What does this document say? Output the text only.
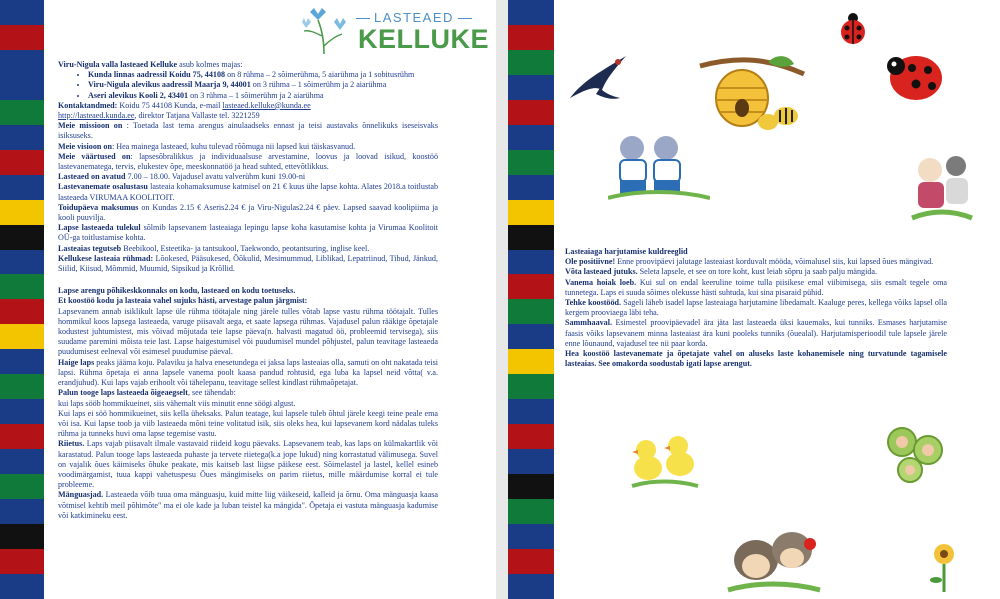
LASTEAED
KELLUKE

Viru-Nigula valla lasteaed Kelluke asub kolmes majas:

• Kunda linnas aadressil Koidu 75, 44108 on 8 rühma – 2 sõimerühma, 5 aiarühma ja 1 sobitusrühm
• Viru-Nigula alevikus aadressil Maarja 9, 44001 on 3 rühma – 1 sõimerühm ja 2 aiarühma
• Aseri alevikus Kooli 2, 43401 on 3 rühma – 1 sõimerühm ja 2 aiarühma

Kontaktandmed: Koidu 75 44108 Kunda, e-mail lasteaed.kelluke@kunda.ee

http://lasteaed.kunda.ee, direktor Tatjana Vallaste tel. 3221259

Meie missioon on : Toetada last tema arengus ainulaadseks ennast ja teisi austavaks õnnelikuks iseseisvaks isiksuseks.

Meie visioon on: Hea mainega lasteaed, kuhu tulevad rõõmuga nii lapsed kui täiskasvanud.

Meie väärtused on: lapsesõbralikkus ja individuaalsuse arvestamine, loovus ja loovad isikud, koostöö lastevanematega, tervis, elukestev õpe, meeskonnatöö ja head suhted, ettevõtlikkus.

Lasteaed on avatud 7.00 – 18.00. Vajadusel avatu valverühm kuni 19.00-ni

Lastevanemate osalustasu lasteaia kohamaksumuse katmisel on 21 € kuus ühe lapse kohta. Alates 2018.a toitlustab lasteaeda VIRUMAA KOOLITOIT.

Toidupäeva maksumus on Kundas 2.15 € Aseris2.24 € ja Viru-Nigulas2.24 € päev. Lapsed saavad koolipiima ja kooli puuvilja.

Lapse lasteaeda tulekul sõlmib lapsevanem lasteaiaga lepingu lapse koha kasutamise kohta ja Virumaa Koolitoit OÜ-ga toitlustamise kohta.

Lasteaias tegutseb Beebikool, Esteetika- ja tantsukool, Taekwondo, peotantsuring, inglise keel.

Kellukese lasteaia rühmad: Lõokesed, Pääsukesed, Õõkulid, Mesimummud, Liblikad, Lepatriinud, Tibud, Jänkud, Siilid, Kiisud, Mõmmid, Muumid, Sipsikud ja Krõllid.

Lapse arengu põhikeskkonnaks on kodu, lasteaed on kodu toetuseks.

Et koostöö kodu ja lasteaia vahel sujuks hästi, arvestage palun järgmist:

Lapsevanem annab isiklikult lapse üle rühma töötajale ning järele tulles võtab lapse vastu rühma töötajalt. Tulles hommikul koos lapsega lasteaeda, varuge piisavalt aega, et saate lapsega rühmas. Vajadusel palun rääkige õpetajale kodustest juhtumistest, mis võivad mõjutada teie lapse päeva(n. halvasti magatud öö, probleemid tervisega), siis suudame paremini mõista teie last. Lapse haigestumisel või puudumisel mundel põhjustel, palun teavitage lasteaeda puudumisest eelneval või esimesel puudumise päeval.

Haige laps peaks jääma koju. Palaviku ja halva enesetundega ei jaksa laps lasteaias olla, samuti on oht nakatada teisi lapsi. Rühma õpetaja ei anna lapsele vanema poolt kaasa pandud rohtusid, ega luba ka lapsel neid võtta( v.a. erandjuhud). Kui laps vajab erihoolt või tähelepanu, teavitage sellest kindlast rühmaõpetajat.

Palun tooge laps lasteaeda õigeaegselt, see tähendab:

kui laps sööb hommikueinet, siis vähemalt viis minutit enne söögi algust.

Kui laps ei söö hommikueinet, siis kella üheksaks. Palun teatage, kui lapsele tuleb õhtul järele keegi teine peale ema või isa. Kui lapse toob ja viib lasteaeda mõni teine volitatud isik, siis oleks hea, kui lapsevanem kord nädalas tuleks rühma ja tunneks huvi oma lapse tegemise vastu.

Riietus. Laps vajab piisavalt ilmale vastavaid riideid kogu päevaks. Lapsevanem teab, kas laps on külmakartlik või karastatud. Palun tooge laps lasteaeda puhaste ja tervete riietega(k.a jope lukud) ning korrastatud välimusega. Suvel on vajalik õues käimiseks õhuke peakate, mis kaitseb last liigse päikese eest. Sõimelastel ja lastel, kellel esineb voodimärgamist, tuua kappi vahetuspesu Õues mängimiseks on parim riietus, mille määrdumise korral ei tule probleeme.

Mänguasjad. Lasteaeda võib tuua oma mänguasju, kuid mitte liig väikeseid, kalleid ja õrnu. Oma mänguasja kaasa võtmisel kehtib meil põhimõte" ma ei ole kade ja luban teistel ka mängida". Õpetaja ei vastuta mänguasja kadumise või katkimineku eest.

Lasteaiaga harjutamise kuldreeglid

Ole positiivne! Enne proovipäevi jalutage lasteaiast korduvalt mööda, võimalusel siis, kui lapsed õues mängivad.

Võta lasteaed jutuks. Seleta lapsele, et see on tore koht, kust leiab sõpru ja saab palju mängida.

Vanema hoiak loeb. Kui sul on endal keeruline toime tulla piisikese emal viibimisega, siis esmalt tegele oma tunnetega. Laps ei suuda sõimes olekusse hästi suhtuda, kui sina pisaraid pühid.

Tehke koostööd. Sageli läheb isadel lapse lasteaiaga harjutamine libedamalt. Kaaluge peres, kellega võiks lapsel olla kergem prooviaega läbi teha.

Sammhaaval. Esimestel proovipäevadel ära jäta last lasteaeda üksi kauemaks, kui tunniks. Esmases harjutamise faasis võiks lapsevanem minna lasteaiast ära kuni pooleks tunniks (õuealal). Harjutamisperioodil tule lapsele järele enne lõunaund, vajadusel tee nii paar korda.

Hea koostöö lastevanemate ja õpetajate vahel on aluseks laste kohanemisele ning turvatunde tagamisele lasteaias. See omakorda soodustab igati lapse arengut.
